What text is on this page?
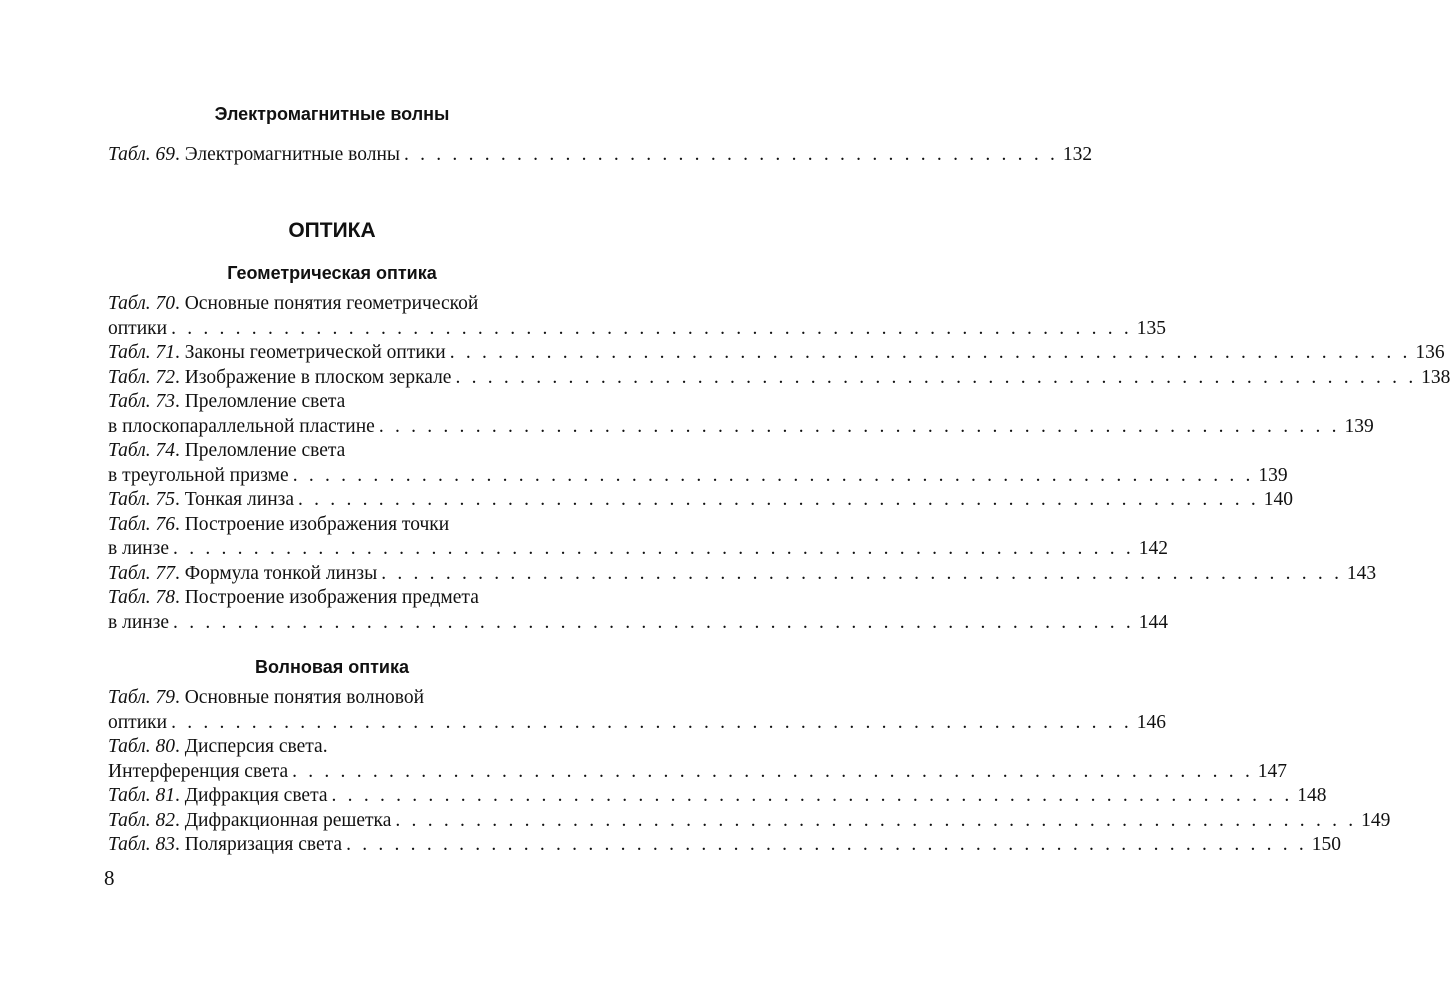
Электромагнитные волны
Табл. 69. Электромагнитные волны . . . . . . . . . . . . . . . . . . . . . . . . . . . . . . . . . . . . . . . . . 132
ОПТИКА
Геометрическая оптика
Табл. 70. Основные понятия геометрической
оптики . . . . . . . . . . . . . . . . . . . . . . . . . . . . . . . . . . . . . . . . . . . . . . . . . . . . . . . . . . . . 135
Табл. 71. Законы геометрической оптики . . . . . . . . . . . . . . . . . . . . . . . . . . . . . . . . . . . . . . . . . . . . . . . . . . . . . . . . . . . . 136
Табл. 72. Изображение в плоском зеркале . . . . . . . . . . . . . . . . . . . . . . . . . . . . . . . . . . . . . . . . . . . . . . . . . . . . . . . . . . . . 138
Табл. 73. Преломление света
в плоскопараллельной пластине . . . . . . . . . . . . . . . . . . . . . . . . . . . . . . . . . . . . . . . . . . . . . . . . . . . . . . . . . . . . 139
Табл. 74. Преломление света
в треугольной призме . . . . . . . . . . . . . . . . . . . . . . . . . . . . . . . . . . . . . . . . . . . . . . . . . . . . . . . . . . . . 139
Табл. 75. Тонкая линза . . . . . . . . . . . . . . . . . . . . . . . . . . . . . . . . . . . . . . . . . . . . . . . . . . . . . . . . . . . . 140
Табл. 76. Построение изображения точки
в линзе . . . . . . . . . . . . . . . . . . . . . . . . . . . . . . . . . . . . . . . . . . . . . . . . . . . . . . . . . . . . 142
Табл. 77. Формула тонкой линзы . . . . . . . . . . . . . . . . . . . . . . . . . . . . . . . . . . . . . . . . . . . . . . . . . . . . . . . . . . . . 143
Табл. 78. Построение изображения предмета
в линзе . . . . . . . . . . . . . . . . . . . . . . . . . . . . . . . . . . . . . . . . . . . . . . . . . . . . . . . . . . . . 144
Волновая оптика
Табл. 79. Основные понятия волновой
оптики . . . . . . . . . . . . . . . . . . . . . . . . . . . . . . . . . . . . . . . . . . . . . . . . . . . . . . . . . . . . 146
Табл. 80. Дисперсия света.
Интерференция света . . . . . . . . . . . . . . . . . . . . . . . . . . . . . . . . . . . . . . . . . . . . . . . . . . . . . . . . . . . . 147
Табл. 81. Дифракция света . . . . . . . . . . . . . . . . . . . . . . . . . . . . . . . . . . . . . . . . . . . . . . . . . . . . . . . . . . . . 148
Табл. 82. Дифракционная решетка . . . . . . . . . . . . . . . . . . . . . . . . . . . . . . . . . . . . . . . . . . . . . . . . . . . . . . . . . . . . 149
Табл. 83. Поляризация света . . . . . . . . . . . . . . . . . . . . . . . . . . . . . . . . . . . . . . . . . . . . . . . . . . . . . . . . . . . . 150
8
